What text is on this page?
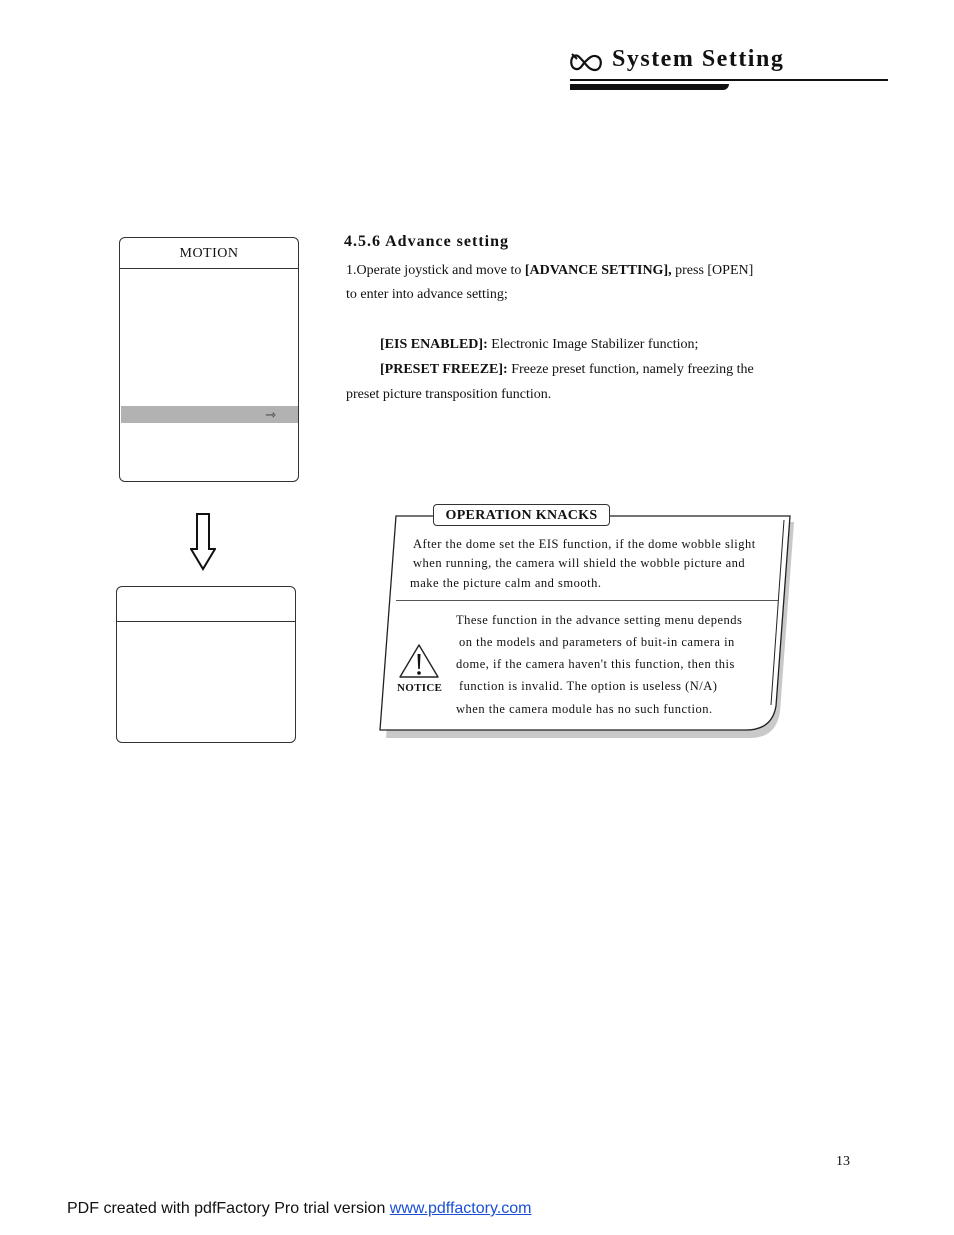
System Setting
MOTION
⇾
4.5.6 Advance setting
1.Operate joystick and move to [ADVANCE SETTING], press [OPEN]
to enter into advance setting;
[EIS ENABLED]: Electronic Image Stabilizer function;
[PRESET FREEZE]: Freeze preset function, namely freezing the
preset picture transposition function.
OPERATION KNACKS
After the dome set the EIS function, if the dome wobble slight
when running, the camera will shield the wobble picture and
make the picture calm and smooth.
NOTICE
These function in the advance setting menu depends
on the models and parameters of buit-in camera in
dome, if the camera haven't this function, then this
function is invalid. The option is useless (N/A)
when the camera module has no such function.
13
PDF created with pdfFactory Pro trial version www.pdffactory.com
